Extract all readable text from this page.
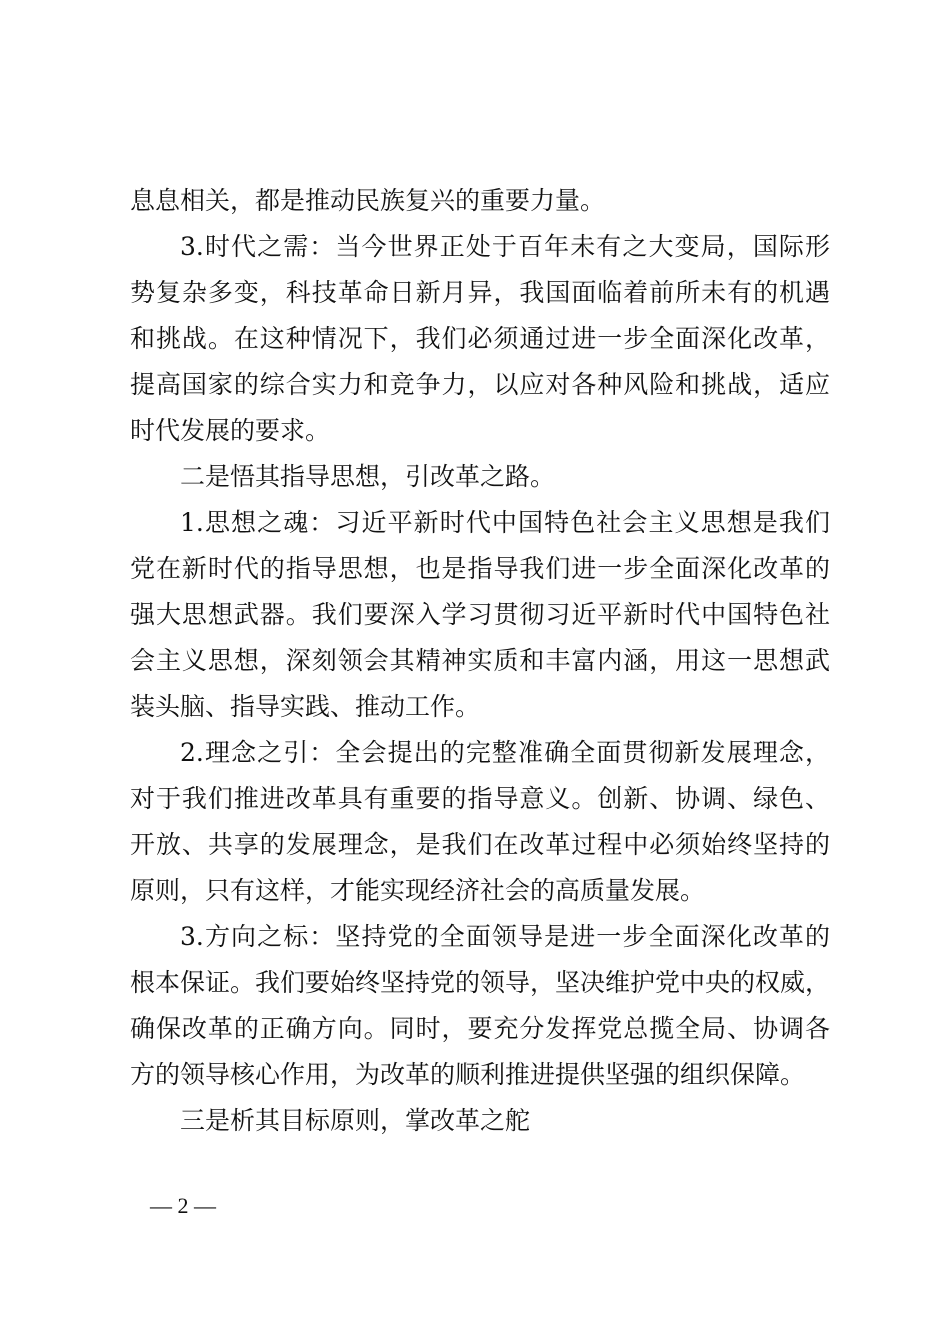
息息相关，都是推动民族复兴的重要力量。
3.时代之需：当今世界正处于百年未有之大变局，国际形
势复杂多变，科技革命日新月异，我国面临着前所未有的机遇
和挑战。在这种情况下，我们必须通过进一步全面深化改革，
提高国家的综合实力和竞争力，以应对各种风险和挑战，适应
时代发展的要求。
二是悟其指导思想，引改革之路。
1.思想之魂：习近平新时代中国特色社会主义思想是我们
党在新时代的指导思想，也是指导我们进一步全面深化改革的
强大思想武器。我们要深入学习贯彻习近平新时代中国特色社
会主义思想，深刻领会其精神实质和丰富内涵，用这一思想武
装头脑、指导实践、推动工作。
2.理念之引：全会提出的完整准确全面贯彻新发展理念，
对于我们推进改革具有重要的指导意义。创新、协调、绿色、
开放、共享的发展理念，是我们在改革过程中必须始终坚持的
原则，只有这样，才能实现经济社会的高质量发展。
3.方向之标：坚持党的全面领导是进一步全面深化改革的
根本保证。我们要始终坚持党的领导，坚决维护党中央的权威，
确保改革的正确方向。同时，要充分发挥党总揽全局、协调各
方的领导核心作用，为改革的顺利推进提供坚强的组织保障。
三是析其目标原则，掌改革之舵
— 2 —
